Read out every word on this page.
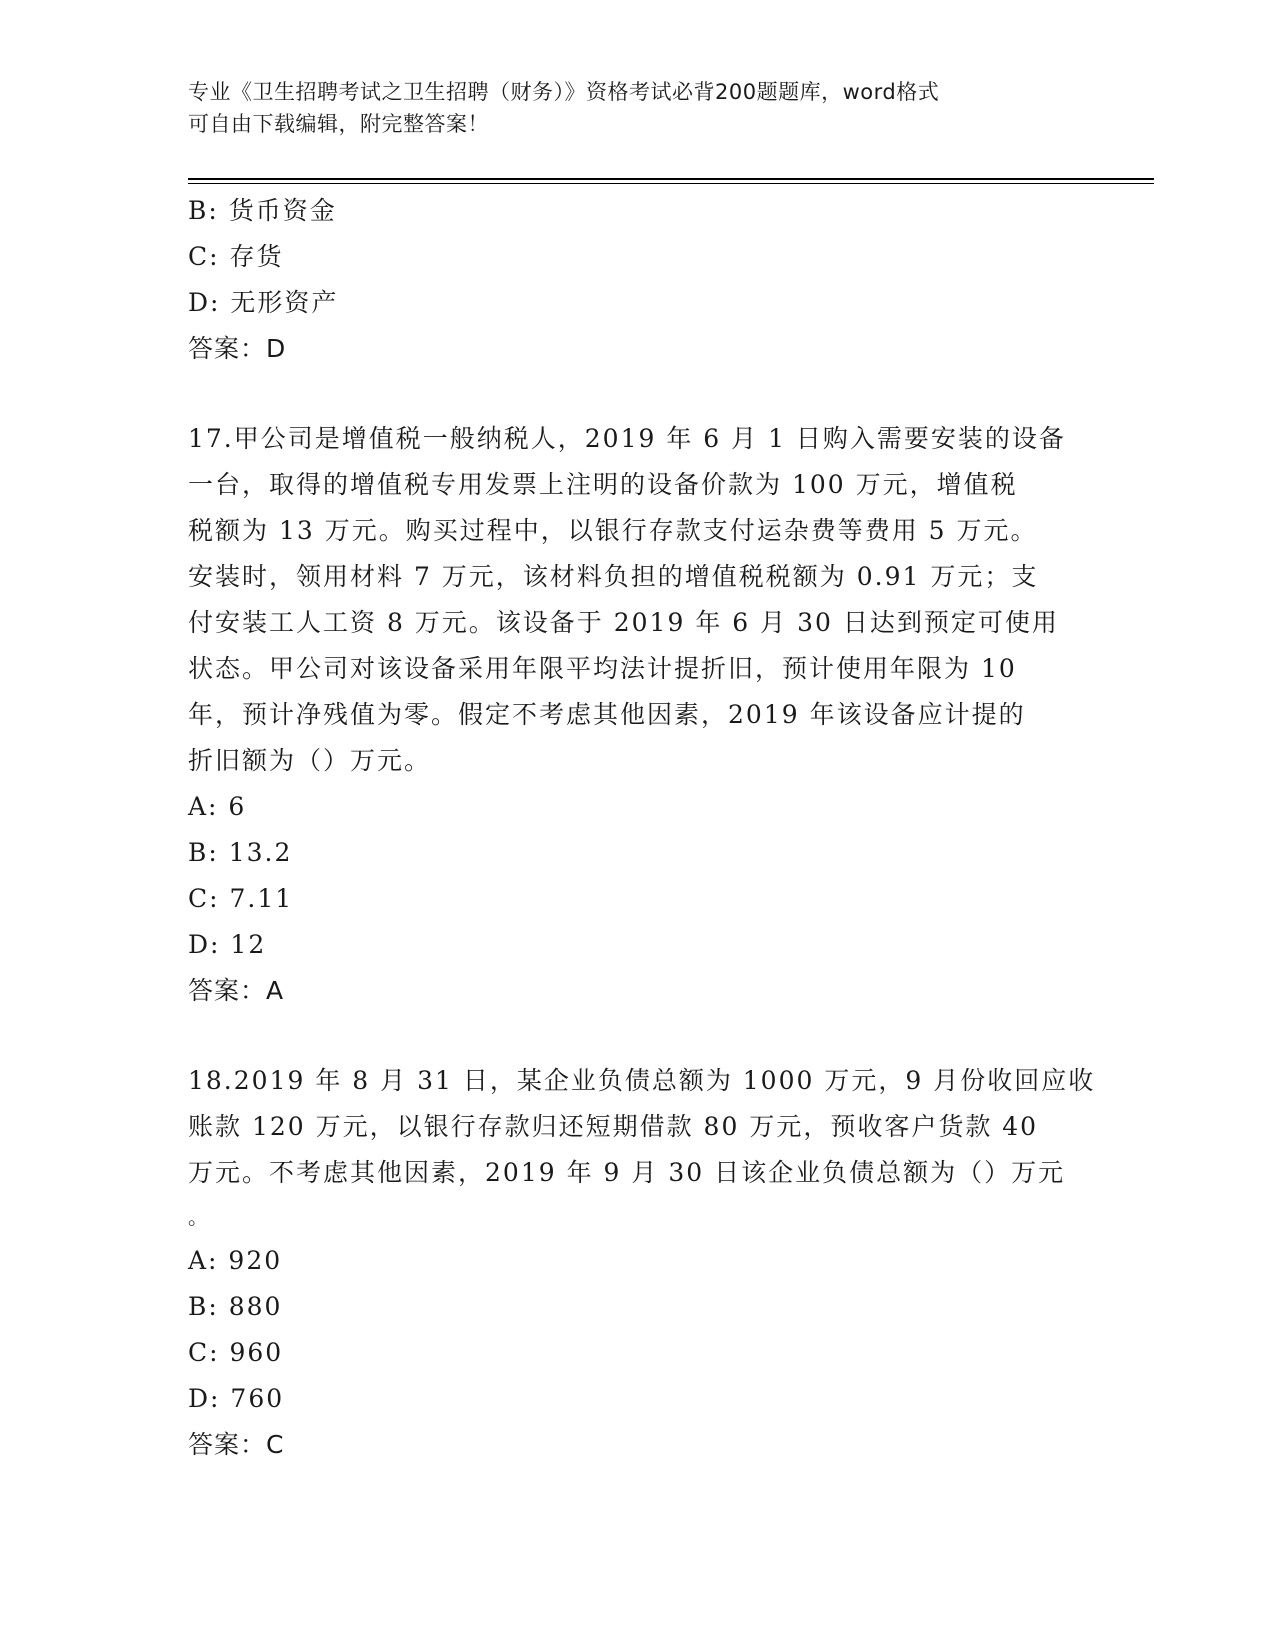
专业《卫生招聘考试之卫生招聘（财务）》资格考试必背200题题库，word格式
可自由下载编辑，附完整答案！
B: 货币资金
C: 存货
D: 无形资产
答案：D
17.甲公司是增值税一般纳税人，2019 年 6 月 1 日购入需要安装的设备
一台，取得的增值税专用发票上注明的设备价款为 100 万元，增值税
税额为 13 万元。购买过程中，以银行存款支付运杂费等费用 5 万元。
安装时，领用材料 7 万元，该材料负担的增值税税额为 0.91 万元；支
付安装工人工资 8 万元。该设备于 2019 年 6 月 30 日达到预定可使用
状态。甲公司对该设备采用年限平均法计提折旧，预计使用年限为 10
年，预计净残值为零。假定不考虑其他因素，2019 年该设备应计提的
折旧额为（）万元。
A: 6
B: 13.2
C: 7.11
D: 12
答案：A
18.2019 年 8 月 31 日，某企业负债总额为 1000 万元，9 月份收回应收
账款 120 万元，以银行存款归还短期借款 80 万元，预收客户货款 40
万元。不考虑其他因素，2019 年 9 月 30 日该企业负债总额为（）万元
。
A: 920
B: 880
C: 960
D: 760
答案：C
